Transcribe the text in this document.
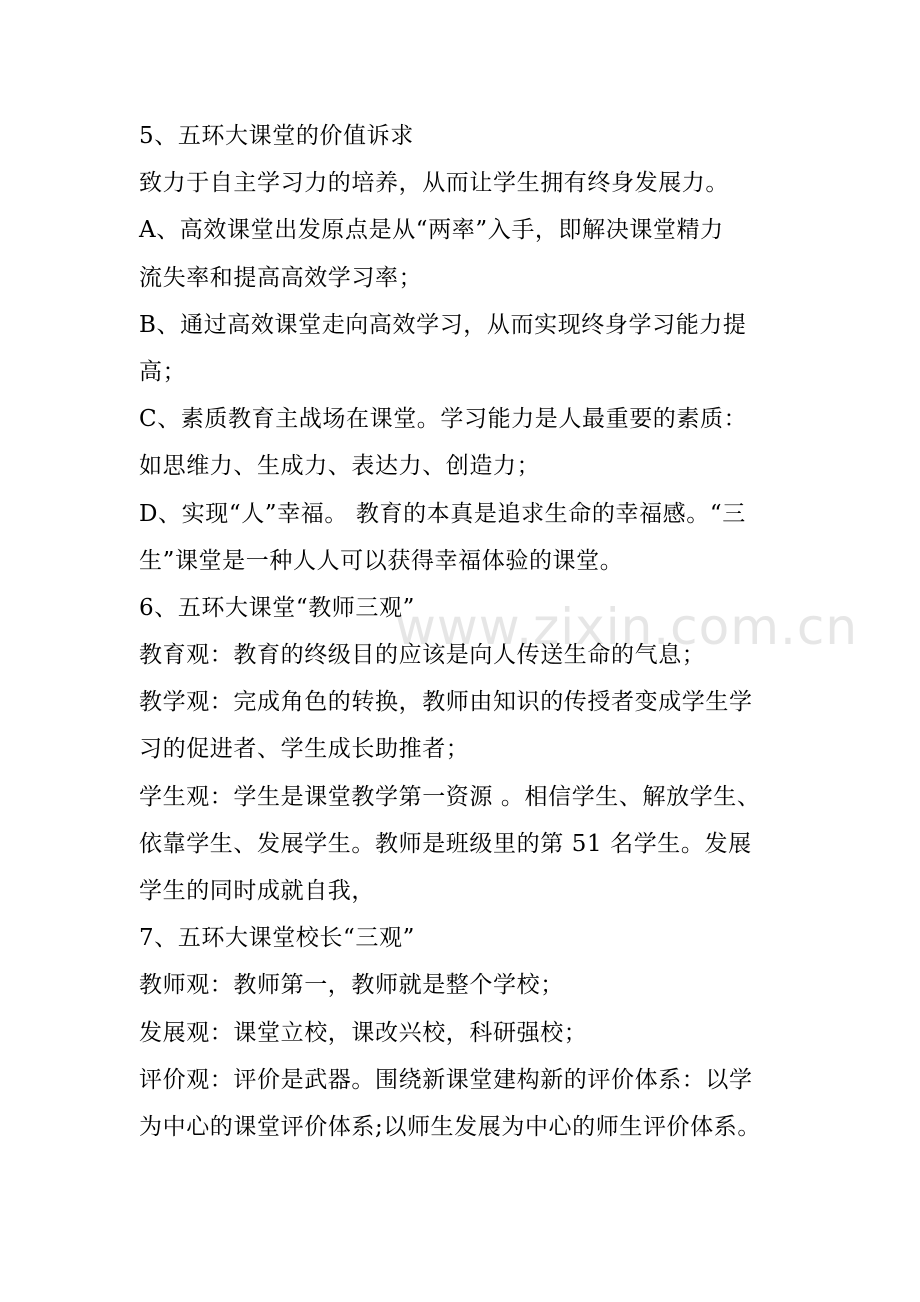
www.zixin.com.cn
5、五环大课堂的价值诉求
致力于自主学习力的培养，从而让学生拥有终身发展力。
A、高效课堂出发原点是从“两率”入手，即解决课堂精力
流失率和提高高效学习率；
B、通过高效课堂走向高效学习，从而实现终身学习能力提
高；
C、素质教育主战场在课堂。学习能力是人最重要的素质：
如思维力、生成力、表达力、创造力；
D、实现“人”幸福。 教育的本真是追求生命的幸福感。“三
生”课堂是一种人人可以获得幸福体验的课堂。
6、五环大课堂“教师三观”
教育观：教育的终级目的应该是向人传送生命的气息；
教学观：完成角色的转换，教师由知识的传授者变成学生学
习的促进者、学生成长助推者；
学生观：学生是课堂教学第一资源 。相信学生、解放学生、
依靠学生、发展学生。教师是班级里的第 51 名学生。发展
学生的同时成就自我，
7、五环大课堂校长“三观”
教师观：教师第一，教师就是整个学校；
发展观：课堂立校，课改兴校，科研强校；
评价观：评价是武器。围绕新课堂建构新的评价体系：以学
为中心的课堂评价体系;以师生发展为中心的师生评价体系。
